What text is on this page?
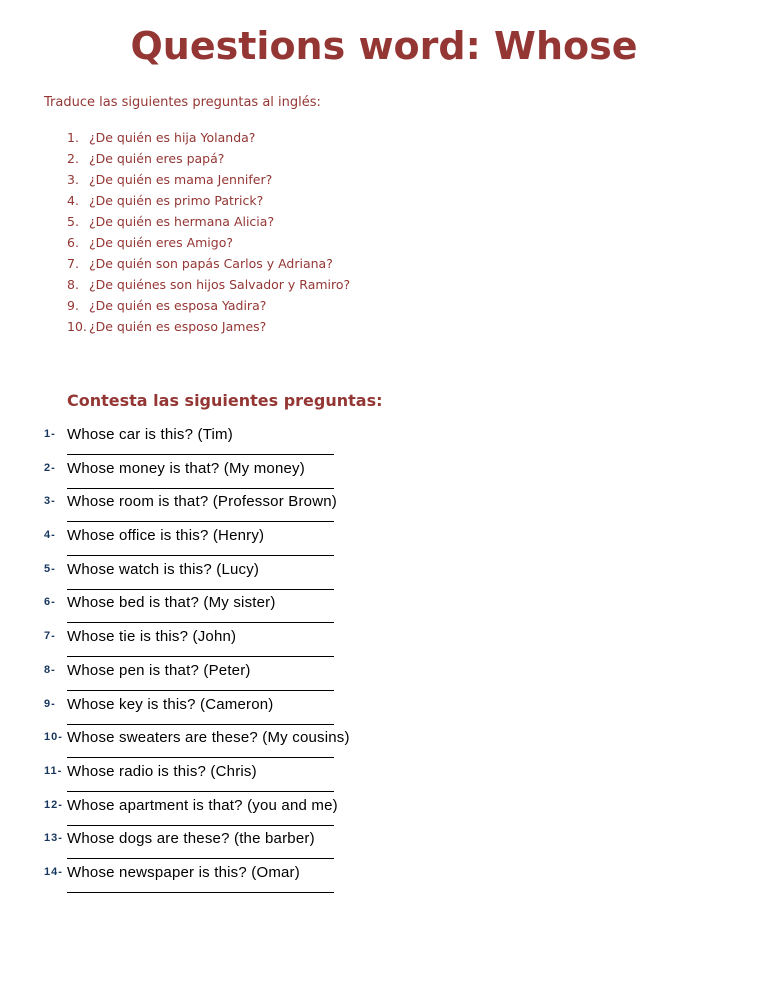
Questions word: Whose

Traduce las siguientes preguntas al inglés:

1. ¿De quién es hija Yolanda?
2. ¿De quién eres papá?
3. ¿De quién es mama Jennifer?
4. ¿De quién es primo Patrick?
5. ¿De quién es hermana Alicia?
6. ¿De quién eres Amigo?
7. ¿De quién son papás Carlos y Adriana?
8. ¿De quiénes son hijos Salvador y Ramiro?
9. ¿De quién es esposa Yadira?
10. ¿De quién es esposo James?
Contesta las siguientes preguntas:
1- Whose car is this? (Tim)
2- Whose money is that? (My money)
3- Whose room is that? (Professor Brown)
4- Whose office is this? (Henry)
5- Whose watch is this? (Lucy)
6- Whose bed is that? (My sister)
7- Whose tie is this? (John)
8- Whose pen is that? (Peter)
9- Whose key is this? (Cameron)
10- Whose sweaters are these? (My cousins)
11- Whose radio is this? (Chris)
12- Whose apartment is that? (you and me)
13- Whose dogs are these? (the barber)
14- Whose newspaper is this? (Omar)
